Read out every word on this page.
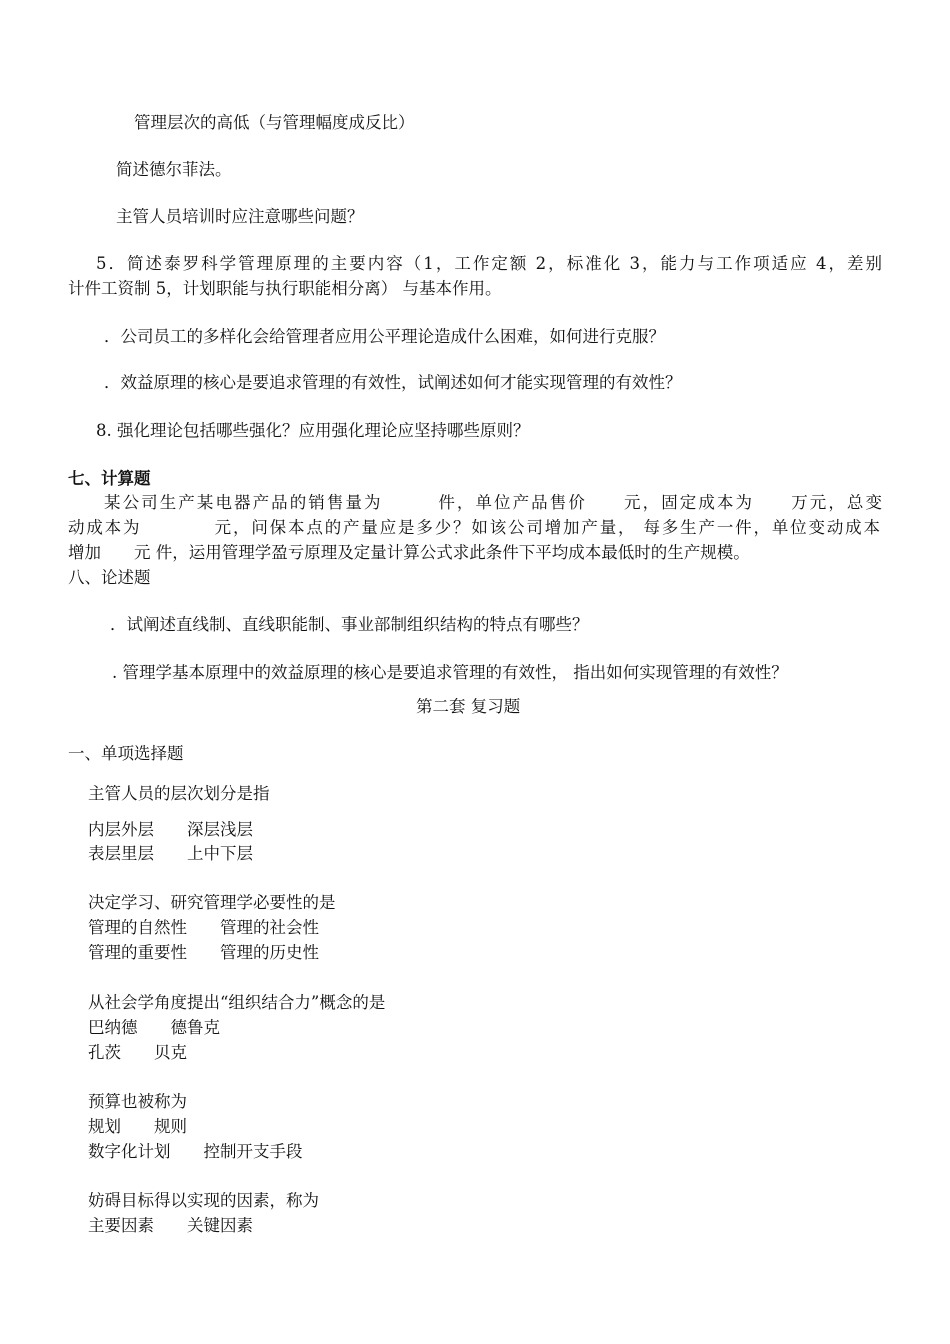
管理层次的高低（与管理幅度成反比）
简述德尔菲法。
主管人员培训时应注意哪些问题？
5．简述泰罗科学管理原理的主要内容（1，工作定额 2，标准化 3，能力与工作项适应 4，差别
计件工资制 5，计划职能与执行职能相分离） 与基本作用。
．公司员工的多样化会给管理者应用公平理论造成什么困难，如何进行克服？
．效益原理的核心是要追求管理的有效性，试阐述如何才能实现管理的有效性？
8. 强化理论包括哪些强化？应用强化理论应坚持哪些原则？
七、计算题
某公司生产某电器产品的销售量为　　　件，单位产品售价　　元，固定成本为　　万元，总变
动成本为　　　　元，问保本点的产量应是多少？如该公司增加产量， 每多生产一件，单位变动成本
增加　　元 件，运用管理学盈亏原理及定量计算公式求此条件下平均成本最低时的生产规模。
八、论述题
．试阐述直线制、直线职能制、事业部制组织结构的特点有哪些？
. 管理学基本原理中的效益原理的核心是要追求管理的有效性， 指出如何实现管理的有效性？
第二套 复习题
一、单项选择题
主管人员的层次划分是指
内层外层　　深层浅层
表层里层　　上中下层
决定学习、研究管理学必要性的是
管理的自然性　　管理的社会性
管理的重要性　　管理的历史性
从社会学角度提出“组织结合力”概念的是
巴纳德　　德鲁克
孔茨　　贝克
预算也被称为
规划　　规则
数字化计划　　控制开支手段
妨碍目标得以实现的因素，称为
主要因素　　关键因素
